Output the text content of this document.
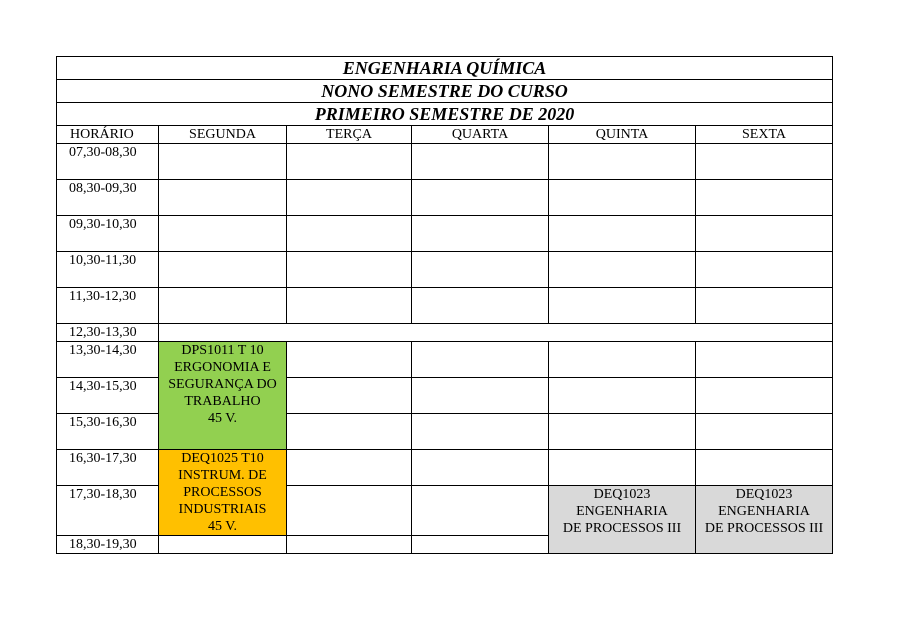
ENGENHARIA QUÍMICA					
NONO SEMESTRE DO CURSO					
PRIMEIRO SEMESTRE DE 2020					
HORÁRIO	SEGUNDA	TERÇA	QUARTA	QUINTA	SEXTA
07,30-08,30					
08,30-09,30					
09,30-10,30					
10,30-11,30					
11,30-12,30					
12,30-13,30					
13,30-14,30	DPS1011 T 10
ERGONOMIA E
SEGURANÇA DO
TRABALHO
45 V.				

14,30-15,30					
15,30-16,30					
16,30-17,30	DEQ1025 T10
INSTRUM. DE
PROCESSOS
INDUSTRIAIS
45 V.				

17,30-18,30				DEQ1023
ENGENHARIA
DE PROCESSOS III	DEQ1023
ENGENHARIA
DE PROCESSOS III

18,30-19,30					
